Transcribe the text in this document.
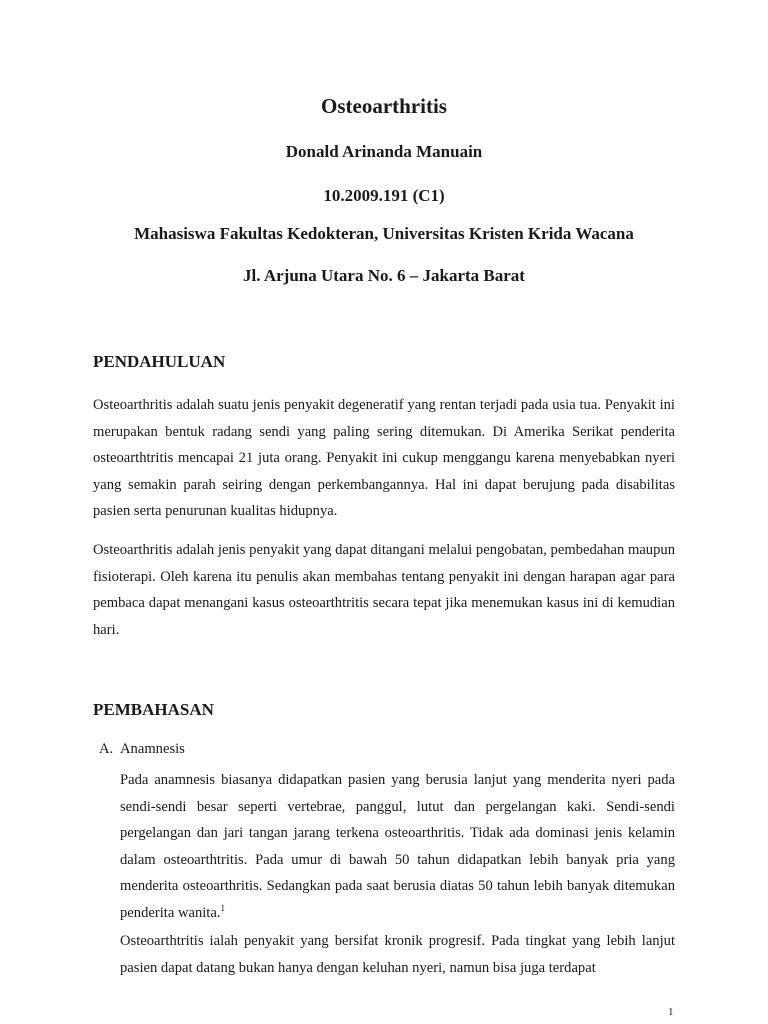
Osteoarthritis
Donald Arinanda Manuain
10.2009.191 (C1)
Mahasiswa Fakultas Kedokteran, Universitas Kristen Krida Wacana
Jl. Arjuna Utara No. 6 – Jakarta Barat
PENDAHULUAN

Osteoarthritis adalah suatu jenis penyakit degeneratif yang rentan terjadi pada usia tua. Penyakit ini merupakan bentuk radang sendi yang paling sering ditemukan. Di Amerika Serikat penderita osteoarthtritis mencapai 21 juta orang. Penyakit ini cukup menggangu karena menyebabkan nyeri yang semakin parah seiring dengan perkembangannya. Hal ini dapat berujung pada disabilitas pasien serta penurunan kualitas hidupnya.

Osteoarthritis adalah jenis penyakit yang dapat ditangani melalui pengobatan, pembedahan maupun fisioterapi. Oleh karena itu penulis akan membahas tentang penyakit ini dengan harapan agar para pembaca dapat menangani kasus osteoarthtritis secara tepat jika menemukan kasus ini di kemudian hari.

PEMBAHASAN
A. Anamnesis

Pada anamnesis biasanya didapatkan pasien yang berusia lanjut yang menderita nyeri pada sendi-sendi besar seperti vertebrae, panggul, lutut dan pergelangan kaki. Sendi-sendi pergelangan dan jari tangan jarang terkena osteoarthritis. Tidak ada dominasi jenis kelamin dalam osteoarthtritis. Pada umur di bawah 50 tahun didapatkan lebih banyak pria yang menderita osteoarthritis. Sedangkan pada saat berusia diatas 50 tahun lebih banyak ditemukan penderita wanita.$^1$

Osteoarthtritis ialah penyakit yang bersifat kronik progresif. Pada tingkat yang lebih lanjut pasien dapat datang bukan hanya dengan keluhan nyeri, namun bisa juga terdapat

1
